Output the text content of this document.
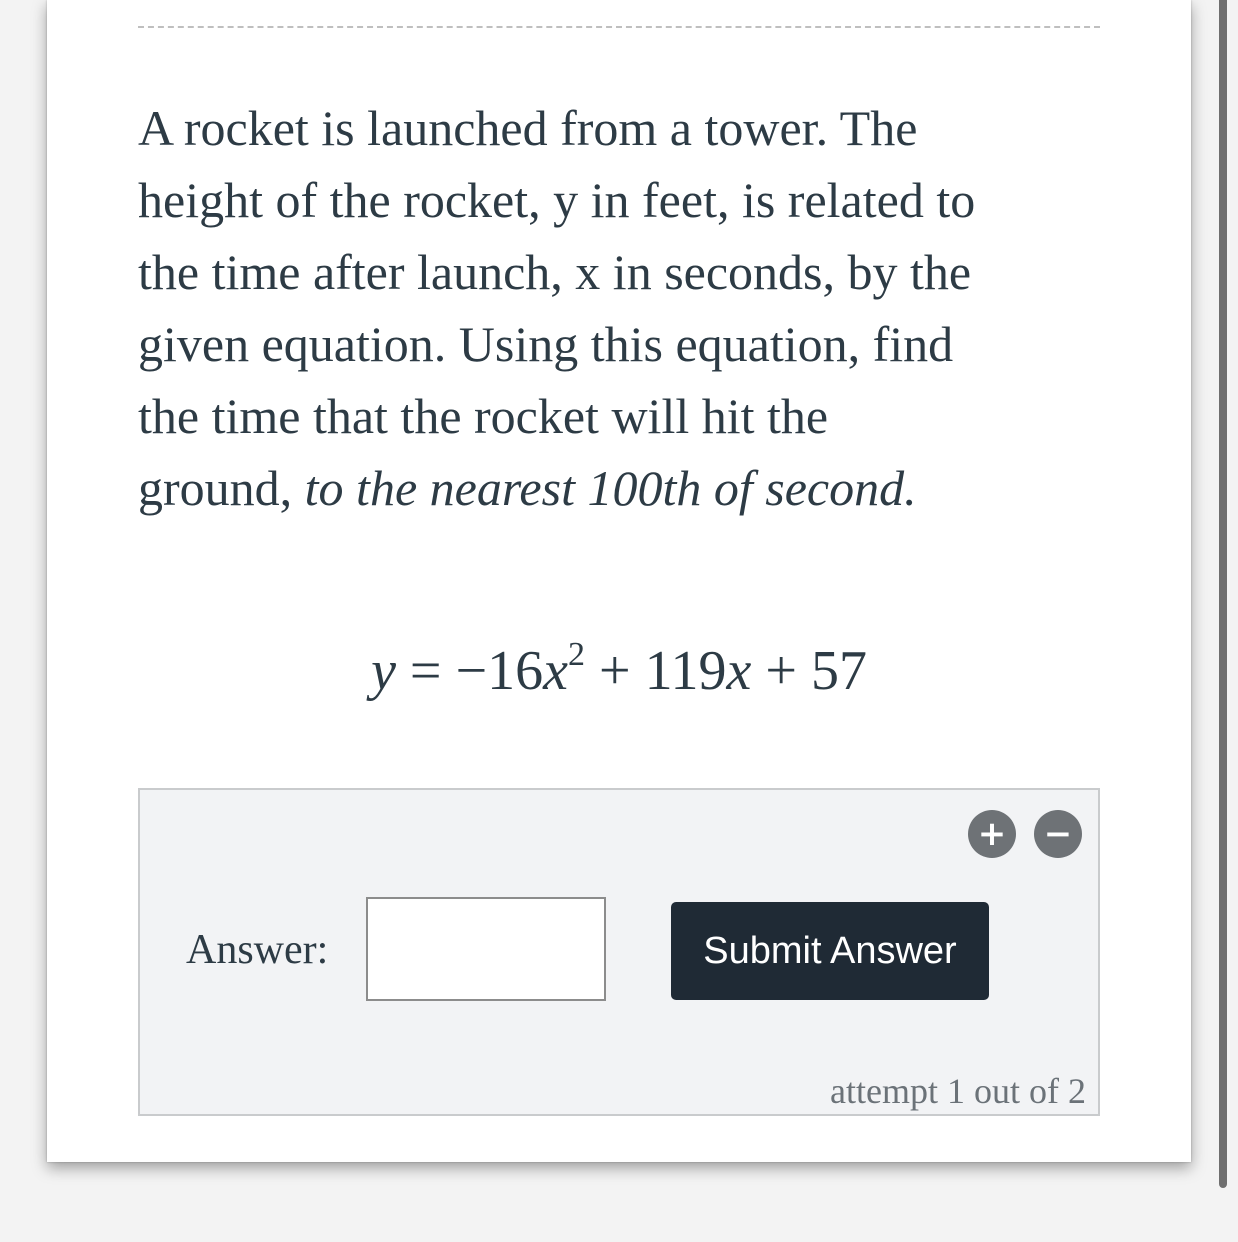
A rocket is launched from a tower. The
height of the rocket, y in feet, is related to
the time after launch, x in seconds, by the
given equation. Using this equation, find
the time that the rocket will hit the
ground, to the nearest 100th of second.
$y = -16x^2 + 119x + 57$
+ −
Answer:	Submit Answer
attempt 1 out of 2
